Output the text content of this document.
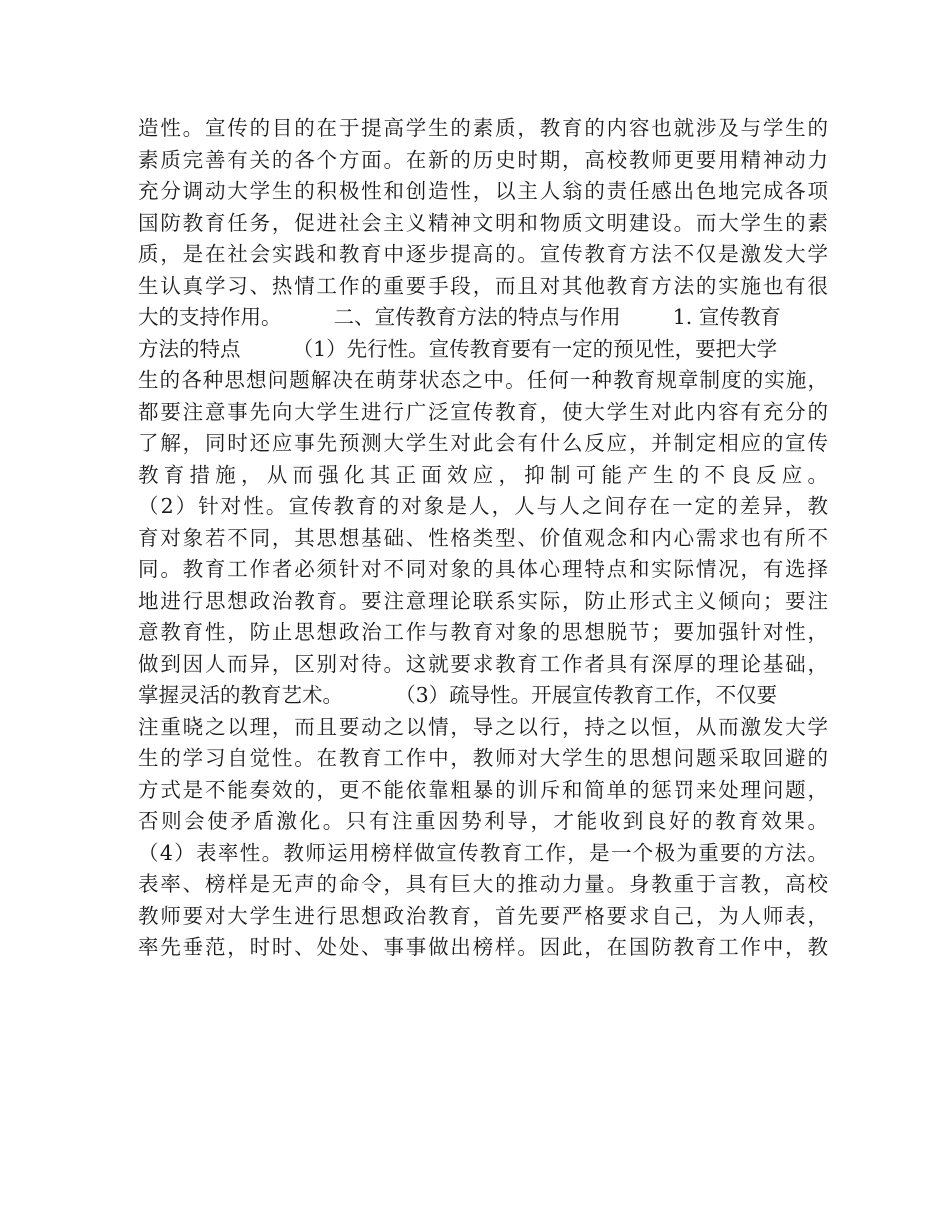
造性。宣传的目的在于提高学生的素质，教育的内容也就涉及与学生的
素质完善有关的各个方面。在新的历史时期，高校教师更要用精神动力
充分调动大学生的积极性和创造性，以主人翁的责任感出色地完成各项
国防教育任务，促进社会主义精神文明和物质文明建设。而大学生的素
质，是在社会实践和教育中逐步提高的。宣传教育方法不仅是激发大学
生认真学习、热情工作的重要手段，而且对其他教育方法的实施也有很
大的支持作用。        二、宣传教育方法的特点与作用        1. 宣传教育
方法的特点        （1）先行性。宣传教育要有一定的预见性，要把大学
生的各种思想问题解决在萌芽状态之中。任何一种教育规章制度的实施，
都要注意事先向大学生进行广泛宣传教育，使大学生对此内容有充分的
了解，同时还应事先预测大学生对此会有什么反应，并制定相应的宣传
教育措施，从而强化其正面效应，抑制可能产生的不良反应。
（2）针对性。宣传教育的对象是人，人与人之间存在一定的差异，教
育对象若不同，其思想基础、性格类型、价值观念和内心需求也有所不
同。教育工作者必须针对不同对象的具体心理特点和实际情况，有选择
地进行思想政治教育。要注意理论联系实际，防止形式主义倾向；要注
意教育性，防止思想政治工作与教育对象的思想脱节；要加强针对性，
做到因人而异，区别对待。这就要求教育工作者具有深厚的理论基础，
掌握灵活的教育艺术。        （3）疏导性。开展宣传教育工作，不仅要
注重晓之以理，而且要动之以情，导之以行，持之以恒，从而激发大学
生的学习自觉性。在教育工作中，教师对大学生的思想问题采取回避的
方式是不能奏效的，更不能依靠粗暴的训斥和简单的惩罚来处理问题，
否则会使矛盾激化。只有注重因势利导，才能收到良好的教育效果。
（4）表率性。教师运用榜样做宣传教育工作，是一个极为重要的方法。
表率、榜样是无声的命令，具有巨大的推动力量。身教重于言教，高校
教师要对大学生进行思想政治教育，首先要严格要求自己，为人师表，
率先垂范，时时、处处、事事做出榜样。因此，在国防教育工作中，教
